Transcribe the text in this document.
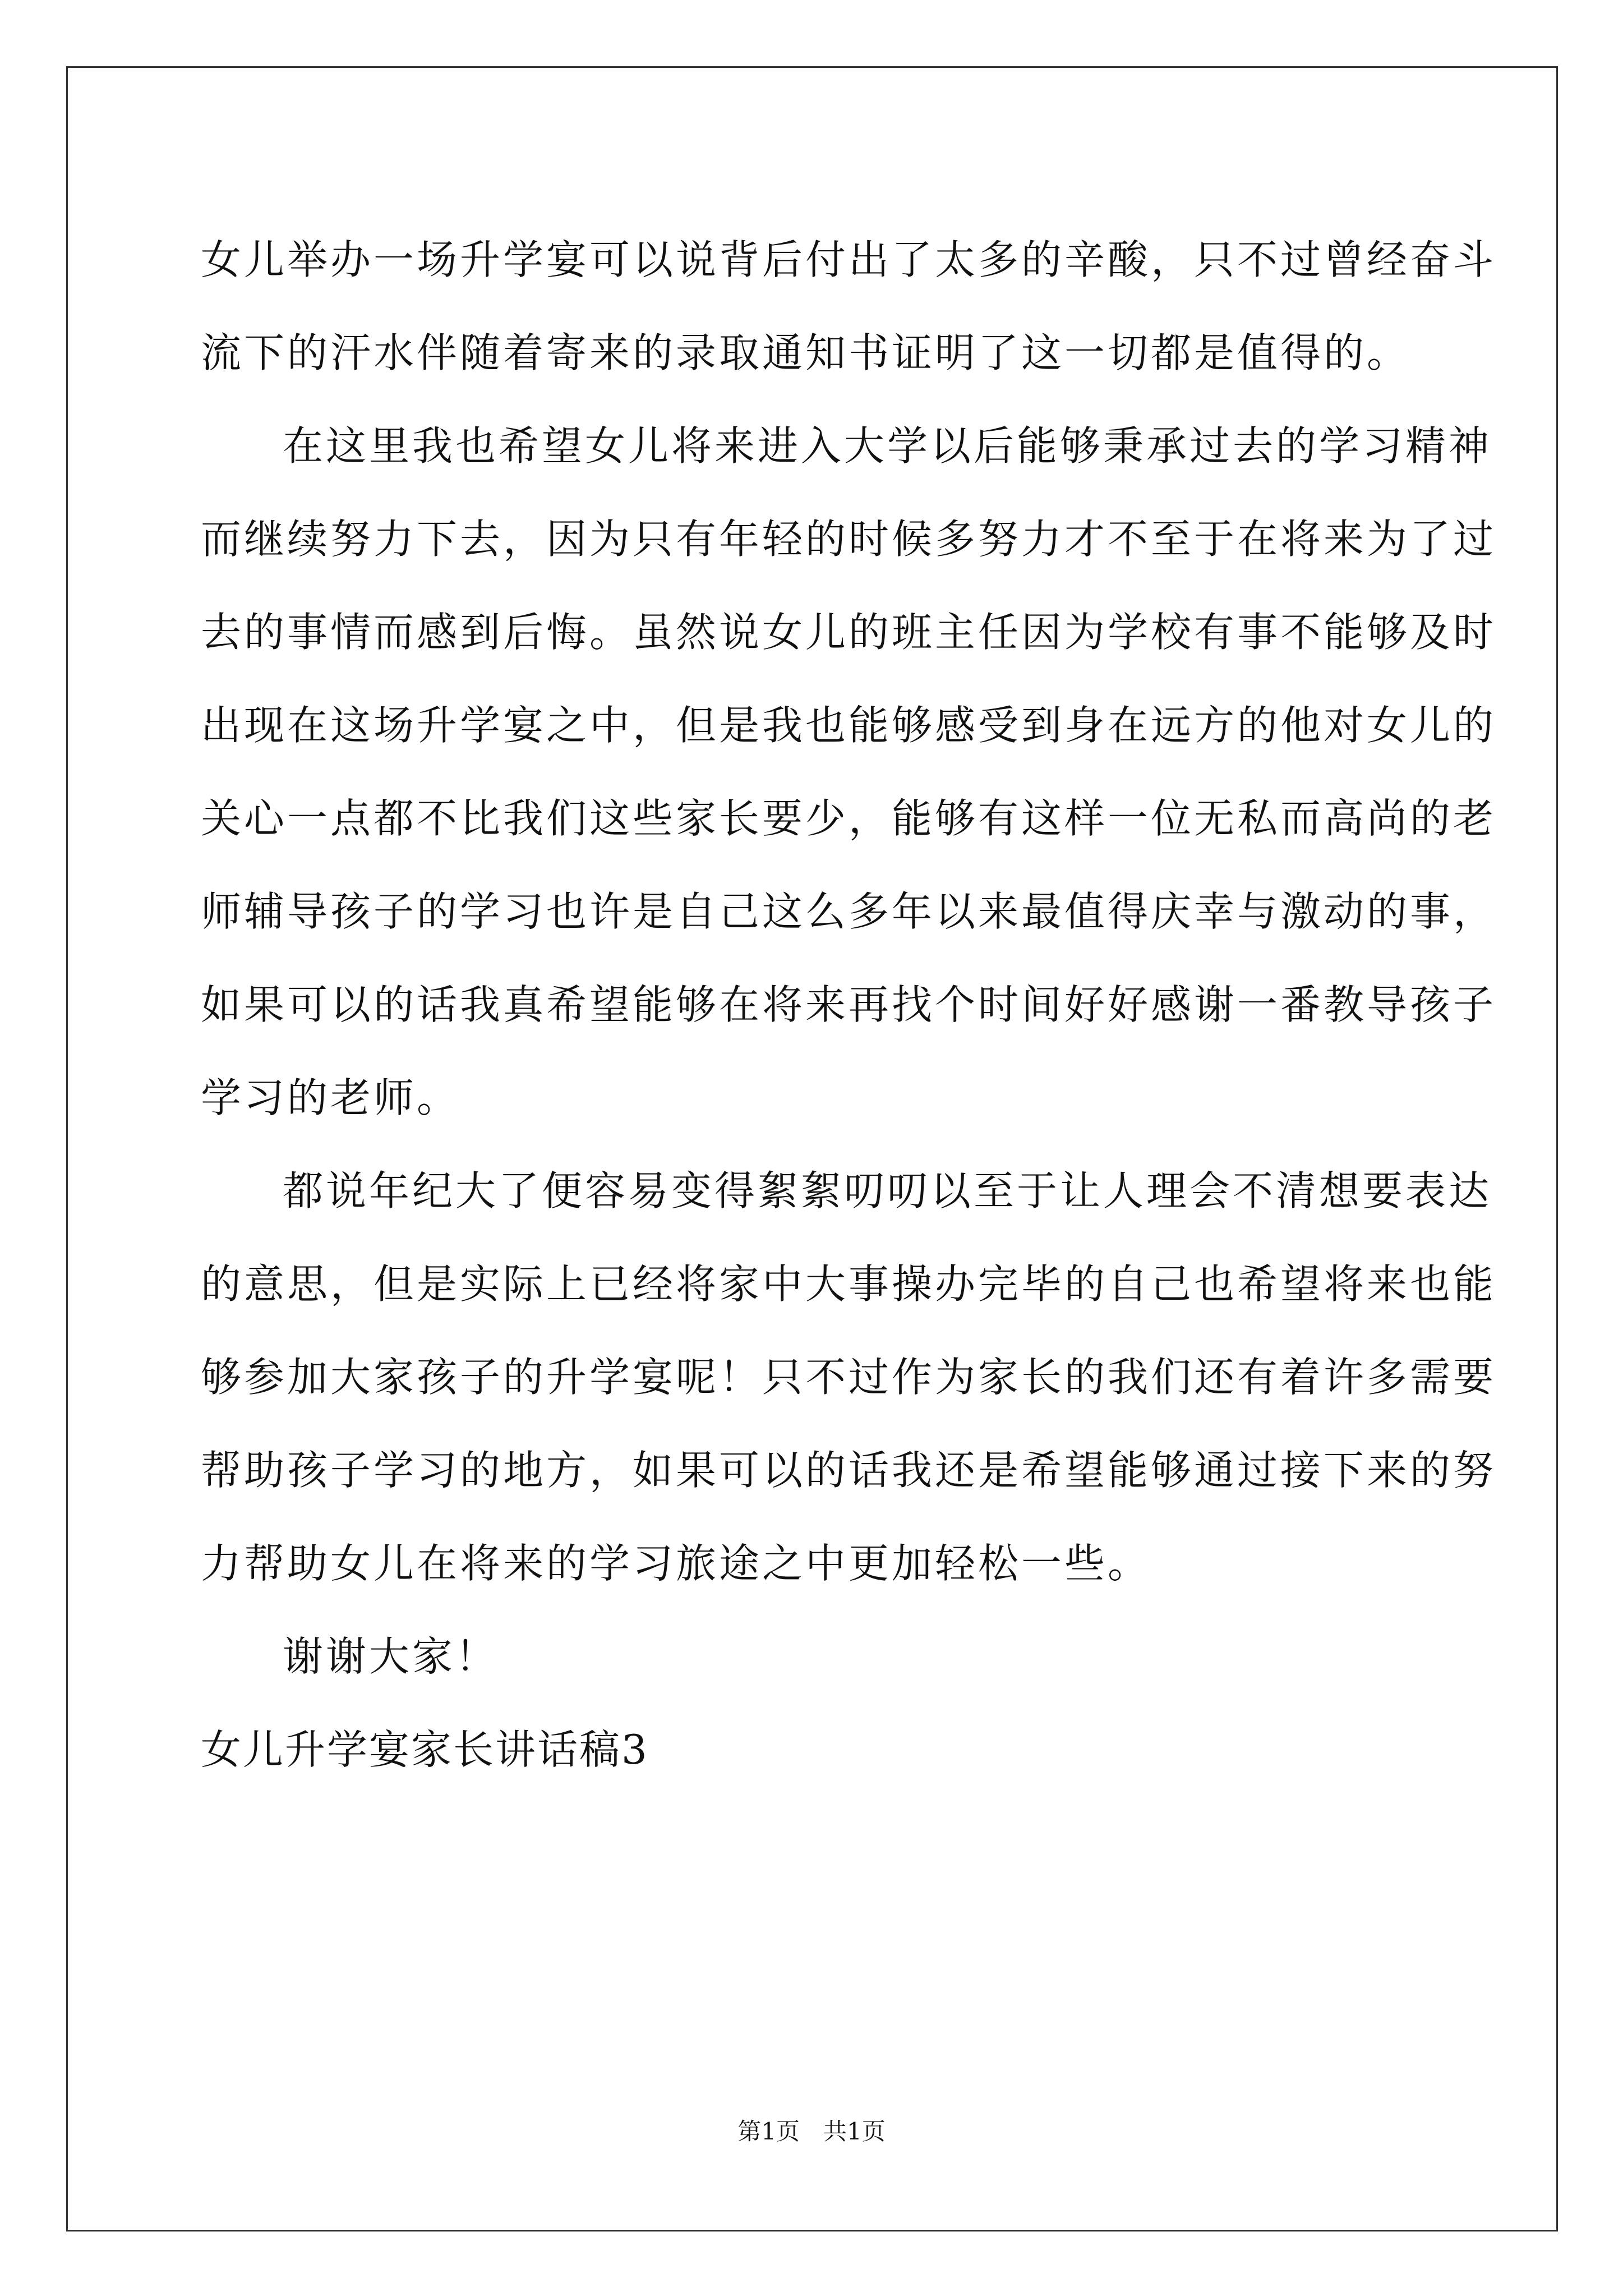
女儿举办一场升学宴可以说背后付出了太多的辛酸，只不过曾经奋斗
流下的汗水伴随着寄来的录取通知书证明了这一切都是值得的。
在这里我也希望女儿将来进入大学以后能够秉承过去的学习精神
而继续努力下去，因为只有年轻的时候多努力才不至于在将来为了过
去的事情而感到后悔。虽然说女儿的班主任因为学校有事不能够及时
出现在这场升学宴之中，但是我也能够感受到身在远方的他对女儿的
关心一点都不比我们这些家长要少，能够有这样一位无私而高尚的老
师辅导孩子的学习也许是自己这么多年以来最值得庆幸与激动的事，
如果可以的话我真希望能够在将来再找个时间好好感谢一番教导孩子
学习的老师。
都说年纪大了便容易变得絮絮叨叨以至于让人理会不清想要表达
的意思，但是实际上已经将家中大事操办完毕的自己也希望将来也能
够参加大家孩子的升学宴呢！只不过作为家长的我们还有着许多需要
帮助孩子学习的地方，如果可以的话我还是希望能够通过接下来的努
力帮助女儿在将来的学习旅途之中更加轻松一些。
谢谢大家！
女儿升学宴家长讲话稿3
第1页　共1页
